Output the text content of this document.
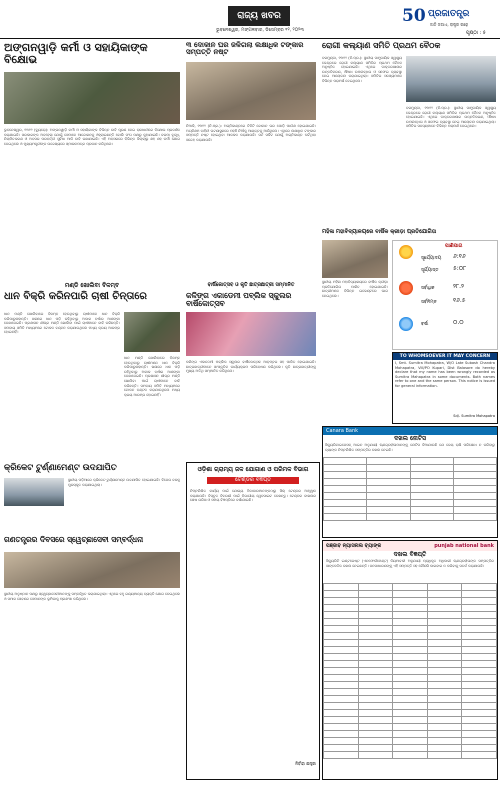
ରାଜ୍ୟ ଖବର
ଭୁବନେଶ୍ୱର, ମଙ୍ଗଳବାର, ଡିସେମ୍ବର ୧୨, ୨୦୨୩
50 ପ୍ରଜାତନ୍ତ୍ର
ଜାତି ଜଗାଏ, ରାଷ୍ଟ୍ର ଗଢ଼େ
ପୃଷ୍ଠା : ୫
ଅଙ୍ଗନୱାଡ଼ି କର୍ମୀ ଓ ସହାୟିକାଙ୍କ ବିକ୍ଷୋଭ
ଭୁବନେଶ୍ୱର, ୧୧ା୧୨ (ବ୍ୟୁରୋ): ଅଙ୍ଗନୱାଡ଼ି କର୍ମୀ ଓ ସହାୟିକାଙ୍କ ବିଭିନ୍ନ ଦାବି ପୂରଣ ନେଇ ରାଜଧାନୀରେ ବିକ୍ଷୋଭ ପ୍ରଦର୍ଶନ କରାଯାଇଛି। ସରକାରଙ୍କ ଅବହେଳା ଯୋଗୁଁ ସେମାନେ ଆନ୍ଦୋଳନକୁ ଓହ୍ଲାଇଛନ୍ତି ବୋଲି ସଂଘ ପକ୍ଷରୁ କୁହାଯାଇଛି। ଦରମା ବୃଦ୍ଧି, ନିୟମିତକରଣ ଓ ଅବସର ପରବର୍ତ୍ତୀ ସୁବିଧା ଆଦି ଦାବି ରଖାଯାଇଛି। ଏହି ଅବସରରେ ବିଭିନ୍ନ ଜିଲ୍ଲାରୁ ଶହ ଶହ କର୍ମୀ ଯୋଗ ଦେଇଥିଲେ ଓ ମୁଖ୍ୟମନ୍ତ୍ରୀଙ୍କ ଉଦ୍ଦେଶ୍ୟରେ ସ୍ମାରକପତ୍ର ପ୍ରଦାନ କରିଥିଲେ।
୩ ଦୋକାନ ଘର ଜଳିଗଲା ଲକ୍ଷାଧିକ ଟଙ୍କାର ସମ୍ପତ୍ତି ନଷ୍ଟ
ନିଆଳି, ୧୧ା୧୨ (ନି.ପ୍ର.): ଅଗ୍ନିକାଣ୍ଡରେ ତିନିଟି ଦୋକାନ ଘର ପୋଡ଼ି ପାଉଁଶ ହୋଇଯାଇଛି। ଅଗ୍ନିଶମ ବାହିନୀ ଘଟଣାସ୍ଥଳରେ ପହଞ୍ଚି ନିଆଁକୁ ଆୟତ୍ତକୁ ଆଣିଥିଲେ। ଏଥିରେ ଲକ୍ଷାଧିକ ଟଙ୍କାର ସମ୍ପତ୍ତି ନଷ୍ଟ ହୋଇଥିବା ଆକଳନ କରାଯାଉଛି। ସର୍ଟ ସର୍କିଟ ଯୋଗୁଁ ଅଗ୍ନିକାଣ୍ଡ ଘଟିଥିବା ସନ୍ଦେହ କରାଯାଉଛି।
ରୋଗୀ କଲ୍ୟାଣ ସମିତି ପ୍ରଥମ ବୈଠକ
ବରମୁଣ୍ଡା, ୧୧ା୧୨ (ନି.ପ୍ର.): ସ୍ଥାନୀୟ ସାମୁଦାୟିକ ସ୍ୱାସ୍ଥ୍ୟ କେନ୍ଦ୍ରରେ ରୋଗୀ କଲ୍ୟାଣ ସମିତିର ପ୍ରଥମ ବୈଠକ ଅନୁଷ୍ଠିତ ହୋଇଯାଇଛି। ଏଥିରେ ଡାକ୍ତରଖାନାର ଉନ୍ନତିକରଣ, ଔଷଧ ଉପଲବ୍ଧତା ଓ ସଫେଇ ବ୍ୟବସ୍ଥା ନେଇ ଆଲୋଚନା କରାଯାଇଥିଲା। ସମିତିର ସଦସ୍ୟମାନେ ବିଭିନ୍ନ ପରାମର୍ଶ ଦେଇଥିଲେ।
ବରମୁଣ୍ଡା, ୧୧ା୧୨ (ନି.ପ୍ର.): ସ୍ଥାନୀୟ ସାମୁଦାୟିକ ସ୍ୱାସ୍ଥ୍ୟ କେନ୍ଦ୍ରରେ ରୋଗୀ କଲ୍ୟାଣ ସମିତିର ପ୍ରଥମ ବୈଠକ ଅନୁଷ୍ଠିତ ହୋଇଯାଇଛି। ଏଥିରେ ଡାକ୍ତରଖାନାର ଉନ୍ନତିକରଣ, ଔଷଧ ଉପଲବ୍ଧତା ଓ ସଫେଇ ବ୍ୟବସ୍ଥା ନେଇ ଆଲୋଚନା କରାଯାଇଥିଲା। ସମିତିର ସଦସ୍ୟମାନେ ବିଭିନ୍ନ ପରାମର୍ଶ ଦେଇଥିଲେ।
ମହିଳା ମହାବିଦ୍ୟାଳୟରେ ବାର୍ଷିକ କ୍ରୀଡ଼ା ପ୍ରତିଯୋଗିତା
ସ୍ଥାନୀୟ ମହିଳା ମହାବିଦ୍ୟାଳୟରେ ବାର୍ଷିକ କ୍ରୀଡ଼ା ପ୍ରତିଯୋଗିତା ପାଳିତ ହୋଇଯାଇଛି। ଛାତ୍ରୀମାନେ ବିଭିନ୍ନ ଇଭେଣ୍ଟରେ ଭାଗ ନେଇଥିଲେ।
ପାଣିପାଗ
ସୂର୍ଯ୍ୟୋଦୟ ୬:୧୬
ସୂର୍ଯ୍ୟାସ୍ତ ୫:୦୮
ସର୍ବାଧିକ	୨୮.୨
ସର୍ବନିମ୍ନ	୧୬.୫
ବର୍ଷା	୦.୦
ବାର୍ଷିକୋତ୍ସବ ଓ କୃତି ଛାତ୍ରଛାତ୍ରୀ ସମ୍ମାନିତ
କଳିଙ୍ଗ ଏକାଡେମୀ ପବ୍ଲିକ ସ୍କୁଲର ବାର୍ଷିକୋତ୍ସବ
କଳିଙ୍ଗ ଏକାଡେମୀ ପବ୍ଲିକ ସ୍କୁଲର ବାର୍ଷିକୋତ୍ସବ ଆଡ଼ମ୍ବର ସହ ପାଳିତ ହୋଇଯାଇଛି। ଛାତ୍ରଛାତ୍ରୀମାନେ ସାଂସ୍କୃତିକ କାର୍ଯ୍ୟକ୍ରମ ପରିବେଷଣ କରିଥିଲେ। କୃତି ଛାତ୍ରଛାତ୍ରୀଙ୍କୁ ମୁଖ୍ୟ ଅତିଥି ସମ୍ମାନିତ କରିଥିଲେ।
ମଣ୍ଡି ଖୋଲିବା ବିଳମ୍ବ
ଧାନ ବିକ୍ରି କରିନପାରି ଚାଷୀ ଚିନ୍ତାରେ
ଧାନ ମଣ୍ଡି ଖୋଲିବାରେ ବିଳମ୍ବ ହେଉଥିବାରୁ ଚାଷୀମାନେ ଧାନ ବିକ୍ରି କରିପାରୁନାହାନ୍ତି। ଖଳାରେ ଧାନ ପଡ଼ି ରହିଥିବାରୁ ଅକାଳ ବର୍ଷାର ଆଶଙ୍କା ଦେଖାଦେଇଛି। ପ୍ରଶାସନ ଶୀଘ୍ର ମଣ୍ଡି ଖୋଲିବା ପାଇଁ ଚାଷୀମାନେ ଦାବି କରିଛନ୍ତି। ସମବାୟ ସମିତି ମାଧ୍ୟମରେ ଟୋକନ ବଣ୍ଟନ କରାଯାଉଥିଲେ ମଧ୍ୟ କ୍ରୟ ଆରମ୍ଭ ହୋଇନାହିଁ।
ଧାନ ମଣ୍ଡି ଖୋଲିବାରେ ବିଳମ୍ବ ହେଉଥିବାରୁ ଚାଷୀମାନେ ଧାନ ବିକ୍ରି କରିପାରୁନାହାନ୍ତି। ଖଳାରେ ଧାନ ପଡ଼ି ରହିଥିବାରୁ ଅକାଳ ବର୍ଷାର ଆଶଙ୍କା ଦେଖାଦେଇଛି। ପ୍ରଶାସନ ଶୀଘ୍ର ମଣ୍ଡି ଖୋଲିବା ପାଇଁ ଚାଷୀମାନେ ଦାବି କରିଛନ୍ତି। ସମବାୟ ସମିତି ମାଧ୍ୟମରେ ଟୋକନ ବଣ୍ଟନ କରାଯାଉଥିଲେ ମଧ୍ୟ କ୍ରୟ ଆରମ୍ଭ ହୋଇନାହିଁ।
TO WHOMSOEVER IT MAY CONCERN
I, Smt. Sumitra Mohapatra, W/O Late Subash Chandra Mohapatra, Vill/PO Kupari, Dist Balasore do hereby declare that my name has been wrongly recorded as Sumitra Mahapatra in some documents. Both names refer to one and the same person. This notice is issued for general information.
Sd/- Sumitra Mohapatra
Canara Bank
ଦଖଲ ନୋଟିସ
ସିକ୍ୟୁରିଟାଇଜେସନ୍ ଆଇନ ଅନୁଯାୟୀ ଋଣଗ୍ରହୀତାମାନଙ୍କୁ ନୋଟିସ ଦିଆଯାଉଛି ଯେ ଦେୟ ରାଶି ପରିଶୋଧ ନ କରିବାରୁ ବ୍ୟାଙ୍କ ନିମ୍ନଲିଖିତ ସମ୍ପତ୍ତିର ଦଖଲ ନେଇଛି।

କ୍ରିକେଟ ଟୁର୍ଣ୍ଣାମେଣ୍ଟ ଉଦଯାପିତ
ସ୍ଥାନୀୟ ପଡ଼ିଆରେ କ୍ରିକେଟ ଟୁର୍ଣ୍ଣାମେଣ୍ଟ ଉଦଯାପିତ ହୋଇଯାଇଛି। ବିଜେତା ଦଳକୁ ପୁରସ୍କୃତ କରାଯାଇଥିଲା।
ଗଣତନ୍ତ୍ରର ଦିବସରେ ସ୍ୱେଚ୍ଛାସେବୀ ସମ୍ବର୍ଦ୍ଧନା
ସ୍ଥାନୀୟ ଅନୁଷ୍ଠାନ ପକ୍ଷରୁ ସ୍ୱେଚ୍ଛାସେବୀମାନଙ୍କୁ ସମ୍ବର୍ଦ୍ଧିତ କରାଯାଇଥିଲା। ଏଥିରେ ବହୁ ଗଣ୍ୟମାନ୍ୟ ବ୍ୟକ୍ତି ଯୋଗ ଦେଇଥିଲେ ଓ ସମାଜ ସେବାରେ ସେମାନଙ୍କ ଭୂମିକାକୁ ପ୍ରଶଂସା କରିଥିଲେ।
ଓଡ଼ିଶା ଗ୍ରାମ୍ୟ ଜଳ ଯୋଗାଣ ଓ ପରିମଳ ବିଭାଗ
ଟେଣ୍ଡର ବିଜ୍ଞପ୍ତି
ନିମ୍ନଲିଖିତ କାର୍ଯ୍ୟ ପାଇଁ ଯୋଗ୍ୟ ଠିକାଦାରମାନଙ୍କଠାରୁ ସିଲ୍ ଟେଣ୍ଡର ଆହ୍ୱାନ କରାଯାଉଛି। ବିସ୍ତୃତ ବିବରଣୀ ପାଇଁ ବିଭାଗୀୟ ୱେବସାଇଟ ଦେଖନ୍ତୁ। ଟେଣ୍ଡର ଦାଖଲର ଶେଷ ତାରିଖ ଓ ସମୟ ବିଜ୍ଞପ୍ତିରେ ଦର୍ଶାଯାଇଛି।
ନିର୍ବାହୀ ଯନ୍ତ୍ରୀ
ପଞ୍ଜାବ ନ୍ୟାସନାଲ ବ୍ୟାଙ୍କ	punjab national bank
ଦଖଲ ବିଜ୍ଞପ୍ତି
ସିକ୍ୟୁରିଟି ଇଣ୍ଟରେଷ୍ଟ (ଏନଫୋର୍ସମେଣ୍ଟ) ନିୟମାବଳୀ ଅନୁଯାୟୀ ପ୍ରାଧିକୃତ ଅଧିକାରୀ ଋଣଗ୍ରହୀତାଙ୍କ ସମ୍ପତ୍ତିର ସାଙ୍କେତିକ ଦଖଲ ନେଇଛନ୍ତି। ଜନସାଧାରଣଙ୍କୁ ଏହି ସମ୍ପତ୍ତି ସହ କୌଣସି କାରବାର ନ କରିବାକୁ ସତର୍କ କରାଯାଉଛି।
